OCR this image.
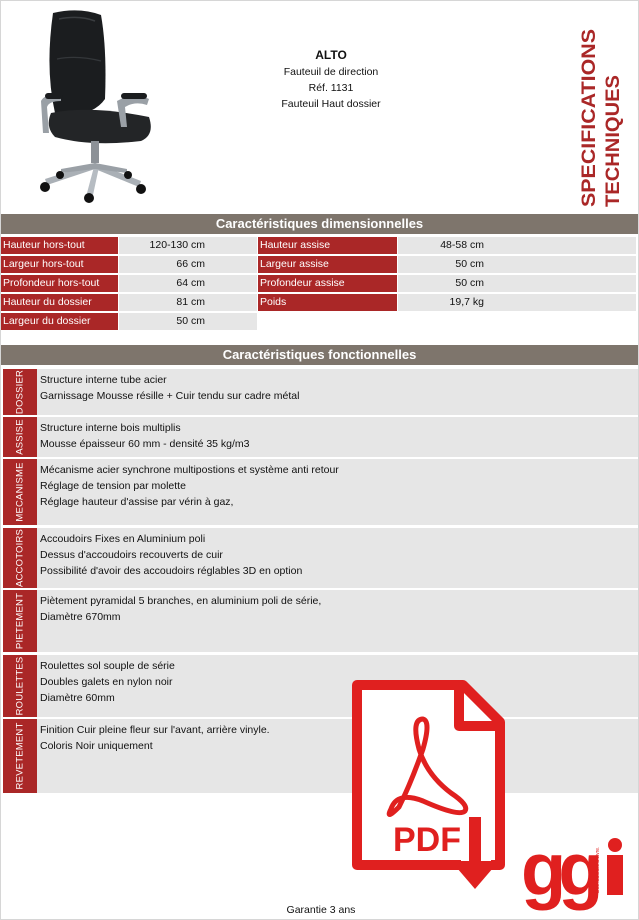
ALTO
Fauteuil de direction
Réf. 1131
Fauteuil Haut dossier	SPECIFICATIONS TECHNIQUES
Caractéristiques dimensionnelles
Hauteur hors-tout	120-130 cm
Largeur hors-tout	66 cm
Profondeur hors-tout	64 cm
Hauteur du dossier	81 cm
Largeur du dossier	50 cm
Hauteur assise	48-58 cm
Largeur assise	50 cm
Profondeur assise	50 cm
Poids	19,7 kg
Caractéristiques fonctionnelles
DOSSIER Structure interne tube acier
Garnissage Mousse résille + Cuir tendu sur cadre métal
ASSISE Structure interne bois multiplis
Mousse épaisseur 60 mm - densité 35 kg/m3
MECANISME Mécanisme acier synchrone multipostions et système anti retour
Réglage de tension par molette
Réglage hauteur d'assise par vérin à gaz,
ACCOTOIRS Accoudoirs Fixes en Aluminium poli
Dessus d'accoudoirs recouverts de cuir
Possibilité d'avoir des accoudoirs réglables 3D en option
PIETEMENT Piètement pyramidal 5 branches, en aluminium poli de série,
Diamètre 670mm
ROULETTES Roulettes sol souple de série
Doubles galets en nylon noir
Diamètre 60mm
REVETEMENT Finition Cuir pleine fleur sur l'avant, arrière vinyle.
Coloris Noir uniquement
PDF gg Des fauteuils à vivre.
Garantie 3 ans
